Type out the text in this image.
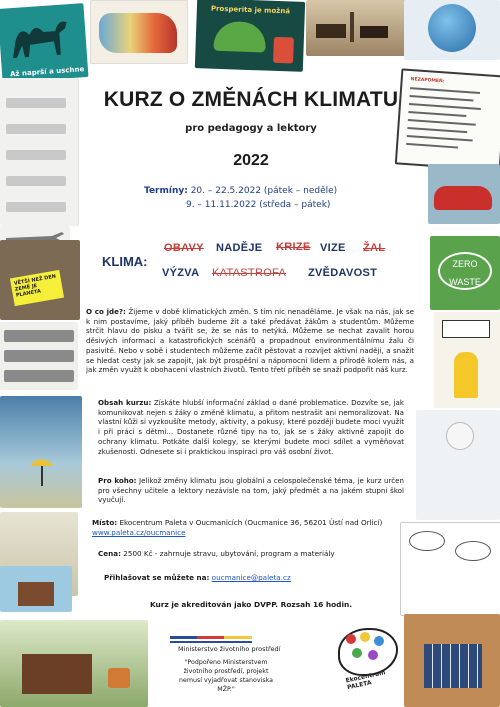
Až naprší a uschne
Prosperita je možná
NEZAPOMEŇ:
ZERO WASTE
VĚTŠÍ NEŽ DEN ZEMĚ JE PLANETA
KURZ O ZMĚNÁCH KLIMATU
pro pedagogy a lektory
2022
Termíny: 20. – 22.5.2022 (pátek – neděle)
9. – 11.11.2022 (středa – pátek)
KLIMA:
OBAVY NADĚJE KRIZE VIZE ŽAL
VÝZVA KATASTROFA ZVĚDAVOST
O co jde?: Žijeme v době klimatických změn. S tím nic nenaděláme. Je však na nás, jak se k nim postavíme, jaký příběh budeme žít a také předávat žákům a studentům. Můžeme strčit hlavu do písku a tvářit se, že se nás to netýká. Můžeme se nechat zavalit horou děsivých informací a katastrofických scénářů a propadnout environmentálnímu žalu či pasivitě. Nebo v sobě i studentech můžeme začít pěstovat a rozvíjet aktivní naději, a snažit se hledat cesty jak se zapojit, jak být prospěšní a nápomocní lidem a přírodě kolem nás, a jak změn využít k obohacení vlastních životů. Tento třetí příběh se snaží podpořit náš kurz.
Obsah kurzu: Získáte hlubší informační základ o dané problematice. Dozvíte se, jak komunikovat nejen s žáky o změně klimatu, a přitom nestrašit ani nemoralizovat. Na vlastní kůži si vyzkoušíte metody, aktivity, a pokusy, které později budete moci využít i při práci s dětmi... Dostanete různé tipy na to, jak se s žáky aktivně zapojit do ochrany klimatu. Potkáte další kolegy, se kterými budete moci sdílet a vyměňovat zkušenosti. Odnesete si i praktickou inspiraci pro váš osobní život.
Pro koho: Jelikož změny klimatu jsou globální a celospolečenské téma, je kurz určen pro všechny učitele a lektory nezávisle na tom, jaký předmět a na jakém stupni škol vyučují.
Místo: Ekocentrum Paleta v Oucmanicích (Oucmanice 36, 56201 Ústí nad Orlicí)
www.paleta.cz/oucmanice
Cena: 2500 Kč - zahrnuje stravu, ubytování, program a materiály
Přihlašovat se můžete na: oucmanice@paleta.cz
Kurz je akreditován jako DVPP. Rozsah 16 hodin.
Ministerstvo životního prostředí
"Podpořeno Ministerstvem životního prostředí, projekt nemusí vyjadřovat stanoviska MŽP."
Ekocentrum PALETA
